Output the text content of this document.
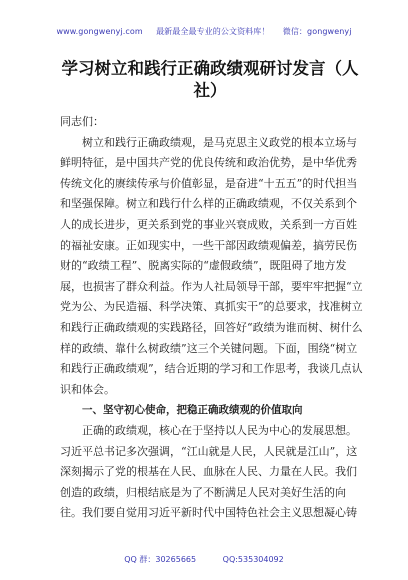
www.gongwenyj.com 最新最全最专业的公文资料库！ 微信：gongwenyj
学习树立和践行正确政绩观研讨发言（人社）

同志们：

树立和践行正确政绩观，是马克思主义政党的根本立场与鲜明特征，是中国共产党的优良传统和政治优势，是中华优秀传统文化的赓续传承与价值彰显，是奋进“十五五”的时代担当和坚强保障。树立和践行什么样的正确政绩观，不仅关系到个人的成长进步，更关系到党的事业兴衰成败，关系到一方百姓的福祉安康。正如现实中，一些干部因政绩观偏差，搞劳民伤财的“政绩工程”、脱离实际的“虚假政绩”，既阻碍了地方发展，也损害了群众利益。作为人社局领导干部，要牢牢把握“立党为公、为民造福、科学决策、真抓实干”的总要求，找准树立和践行正确政绩观的实践路径，回答好“政绩为谁而树、树什么样的政绩、靠什么树政绩”这三个关键问题。下面，围绕“树立和践行正确政绩观”，结合近期的学习和工作思考，我谈几点认识和体会。

一、坚守初心使命，把稳正确政绩观的价值取向

正确的政绩观，核心在于坚持以人民为中心的发展思想。习近平总书记多次强调，“江山就是人民，人民就是江山”，这深刻揭示了党的根基在人民、血脉在人民、力量在人民。我们创造的政绩，归根结底是为了不断满足人民对美好生活的向往。我们要自觉用习近平新时代中国特色社会主义思想凝心铸

QQ 群：30265665	QQ:535304092
